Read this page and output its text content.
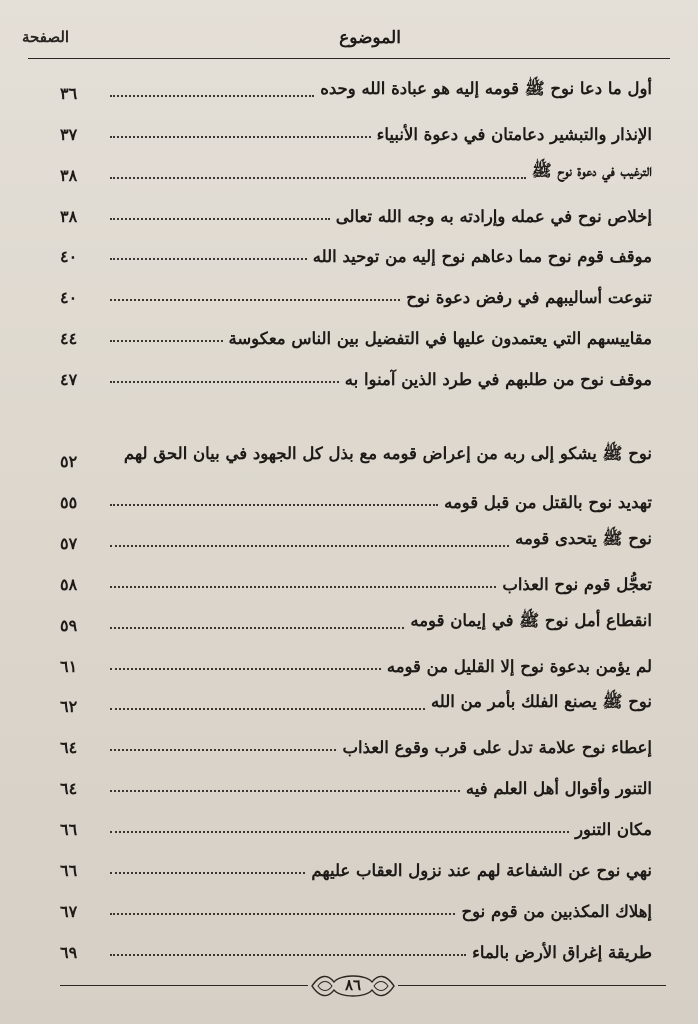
الموضوع
الصفحة
أول ما دعا نوح ﷺ قومه إليه هو عبادة الله وحده
٣٦
الإنذار والتبشير دعامتان في دعوة الأنبياء
٣٧
الترغيب في دعوة نوح ﷺ
٣٨
إخلاص نوح في عمله وإرادته به وجه الله تعالى
٣٨
موقف قوم نوح مما دعاهم نوح إليه من توحيد الله
٤٠
تنوعت أساليبهم في رفض دعوة نوح
٤٠
مقاييسهم التي يعتمدون عليها في التفضيل بين الناس معكوسة
٤٤
موقف نوح من طلبهم في طرد الذين آمنوا به
٤٧
نوح ﷺ يشكو إلى ربه من إعراض قومه مع بذل كل الجهود في بيان الحق لهم
٥٢
تهديد نوح بالقتل من قبل قومه
٥٥
نوح ﷺ يتحدى قومه
٥٧
تعجُّل قوم نوح العذاب
٥٨
انقطاع أمل نوح ﷺ في إيمان قومه
٥٩
لم يؤمن بدعوة نوح إلا القليل من قومه
٦١
نوح ﷺ يصنع الفلك بأمر من الله
٦٢
إعطاء نوح علامة تدل على قرب وقوع العذاب
٦٤
التنور وأقوال أهل العلم فيه
٦٤
مكان التنور
٦٦
نهي نوح عن الشفاعة لهم عند نزول العقاب عليهم
٦٦
إهلاك المكذبين من قوم نوح
٦٧
طريقة إغراق الأرض بالماء
٦٩
٨٦
